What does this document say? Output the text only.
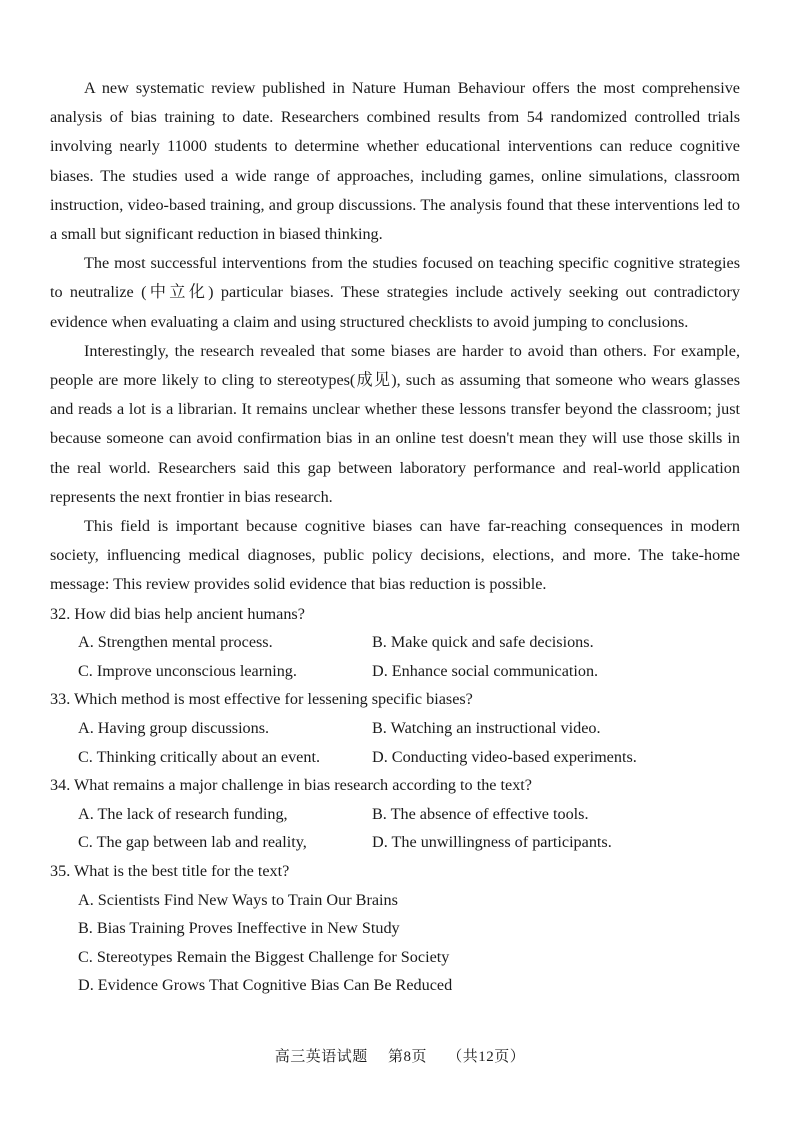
A new systematic review published in Nature Human Behaviour offers the most comprehensive analysis of bias training to date. Researchers combined results from 54 randomized controlled trials involving nearly 11000 students to determine whether educational interventions can reduce cognitive biases. The studies used a wide range of approaches, including games, online simulations, classroom instruction, video-based training, and group discussions. The analysis found that these interventions led to a small but significant reduction in biased thinking.

The most successful interventions from the studies focused on teaching specific cognitive strategies to neutralize (中立化) particular biases. These strategies include actively seeking out contradictory evidence when evaluating a claim and using structured checklists to avoid jumping to conclusions.

Interestingly, the research revealed that some biases are harder to avoid than others. For example, people are more likely to cling to stereotypes(成见), such as assuming that someone who wears glasses and reads a lot is a librarian. It remains unclear whether these lessons transfer beyond the classroom; just because someone can avoid confirmation bias in an online test doesn't mean they will use those skills in the real world. Researchers said this gap between laboratory performance and real-world application represents the next frontier in bias research.

This field is important because cognitive biases can have far-reaching consequences in modern society, influencing medical diagnoses, public policy decisions, elections, and more. The take-home message: This review provides solid evidence that bias reduction is possible.

32. How did bias help ancient humans?

A. Strengthen mental process.	B. Make quick and safe decisions.

C. Improve unconscious learning.	D. Enhance social communication.

33. Which method is most effective for lessening specific biases?

A. Having group discussions.	B. Watching an instructional video.

C. Thinking critically about an event.	D. Conducting video-based experiments.

34. What remains a major challenge in bias research according to the text?

A. The lack of research funding,	B. The absence of effective tools.

C. The gap between lab and reality,	D. The unwillingness of participants.

35. What is the best title for the text?

A. Scientists Find New Ways to Train Our Brains

B. Bias Training Proves Ineffective in New Study

C. Stereotypes Remain the Biggest Challenge for Society

D. Evidence Grows That Cognitive Bias Can Be Reduced

高三英语试题 第8页 （共12页）
